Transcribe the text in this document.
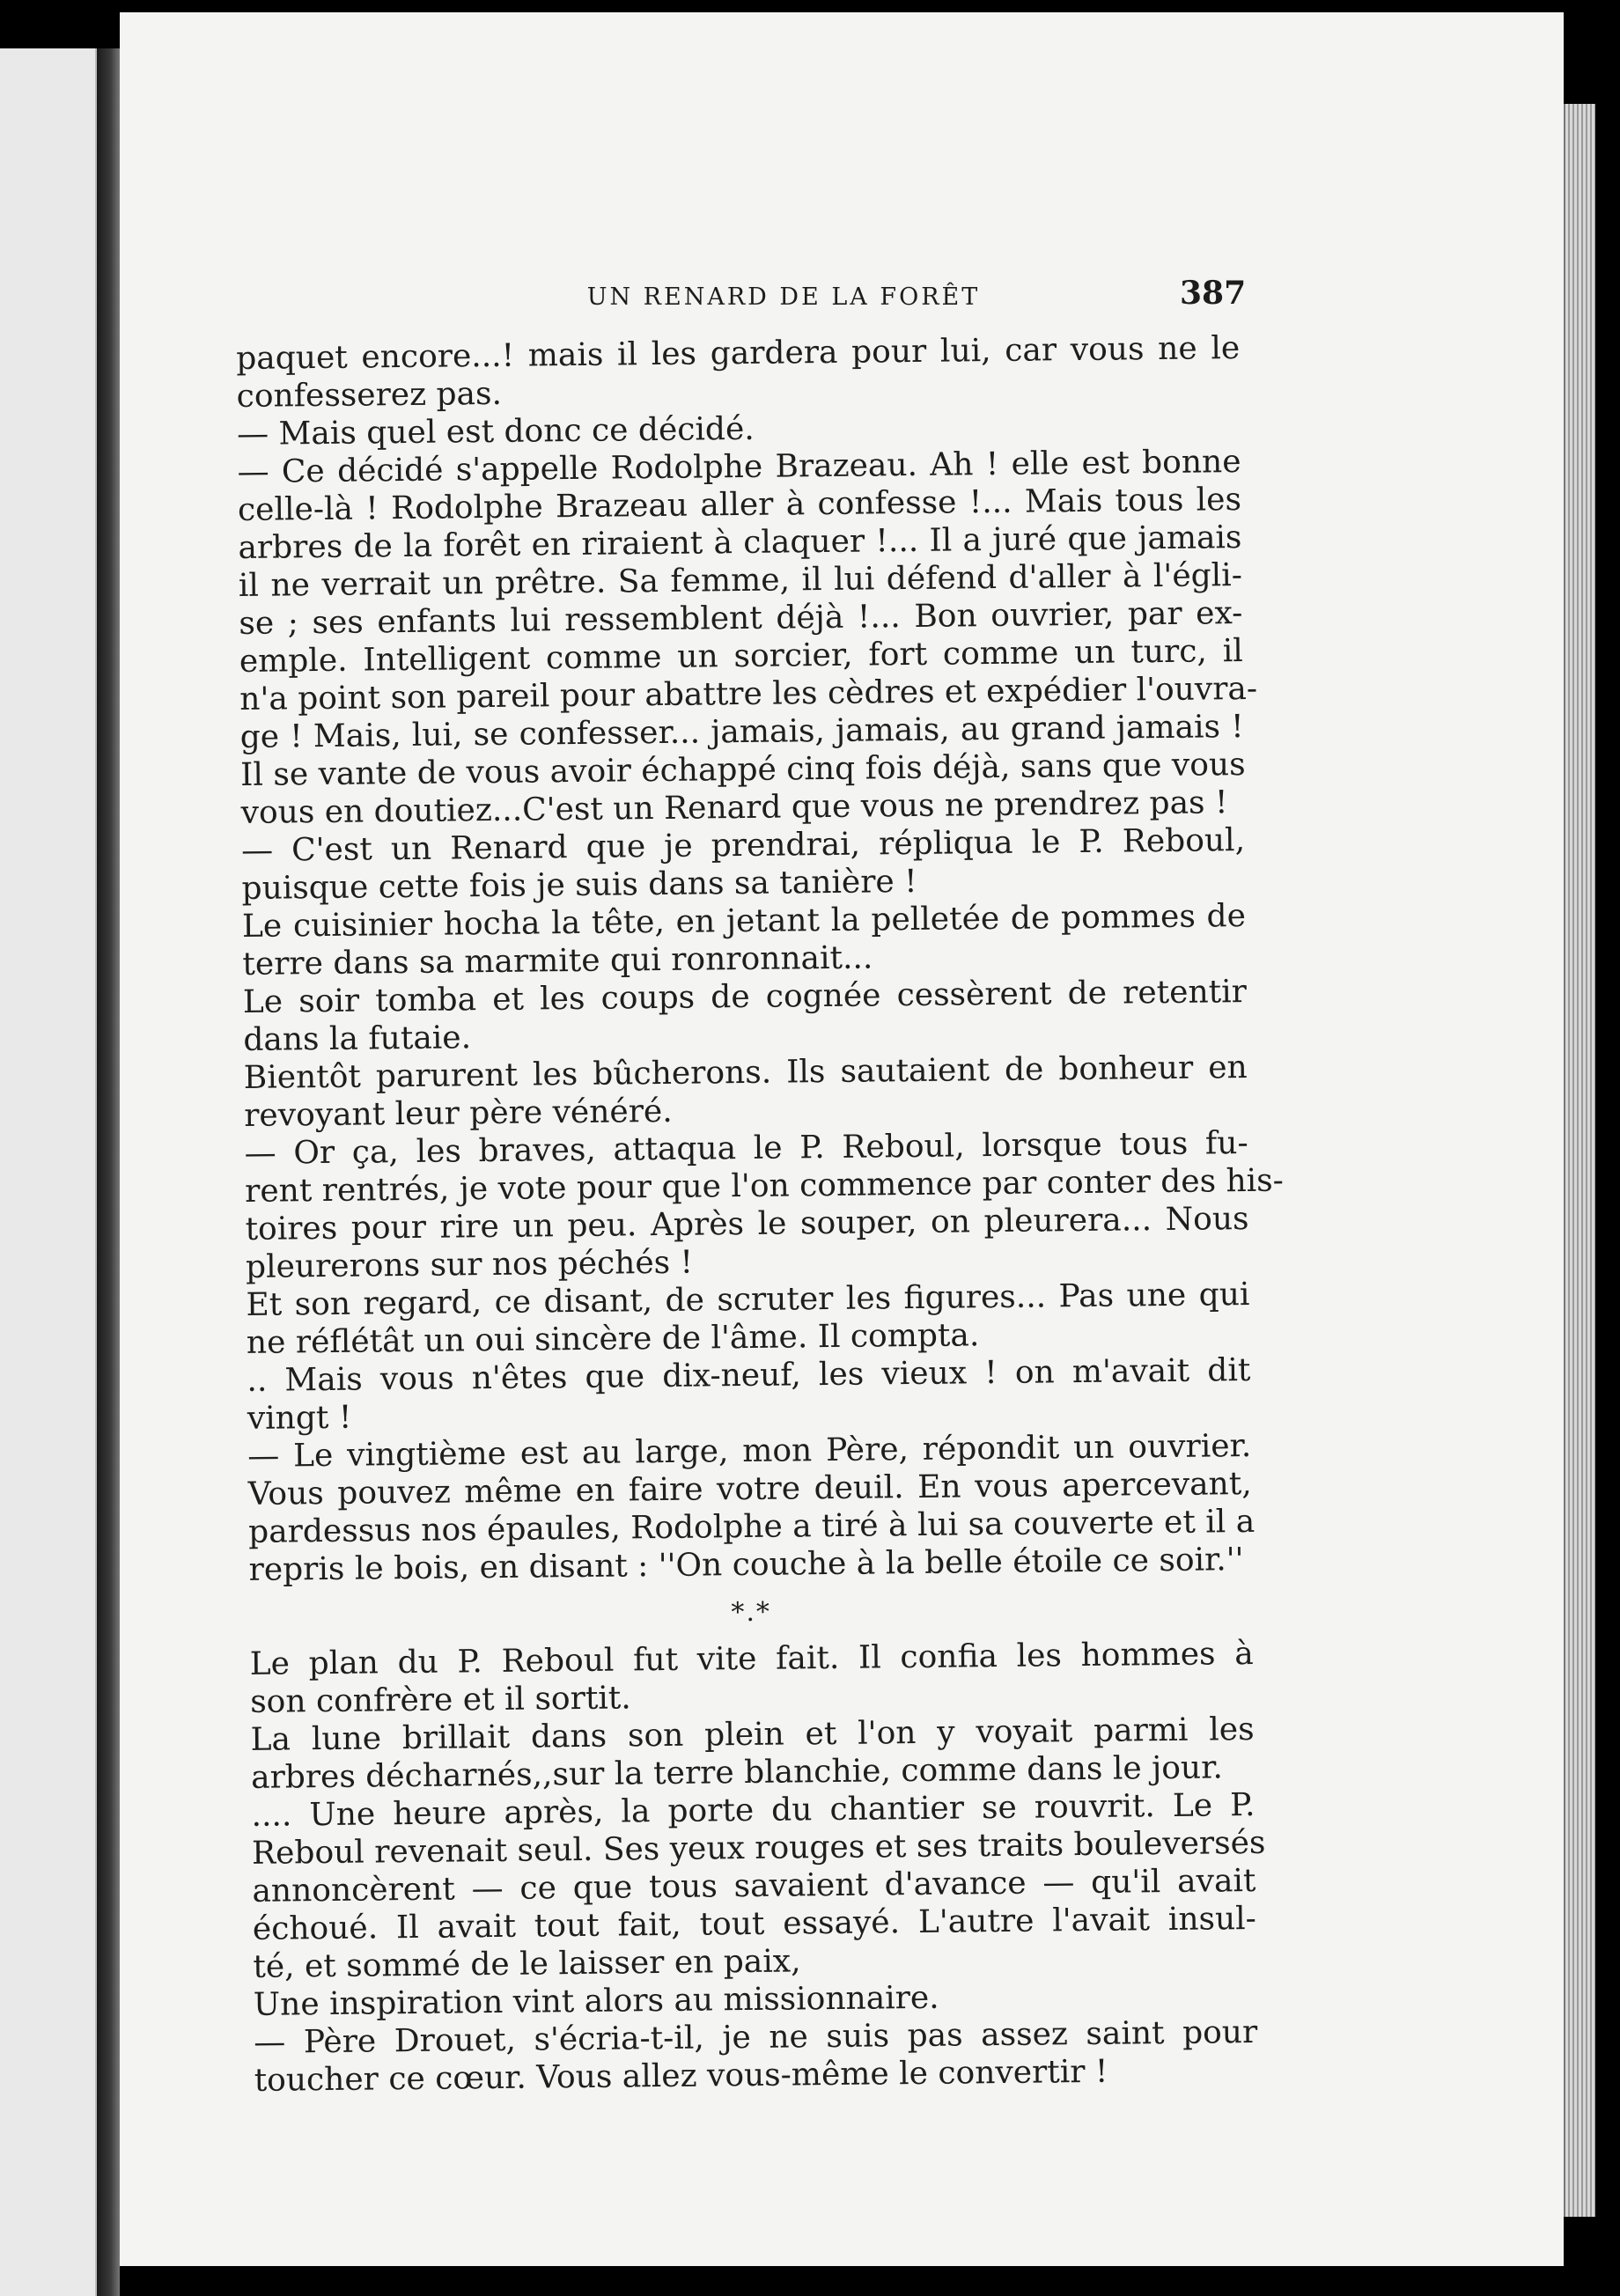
UN RENARD DE LA FORÊT	387
paquet encore...! mais il les gardera pour lui, car vous ne le
confesserez pas.
— Mais quel est donc ce décidé.
— Ce décidé s'appelle Rodolphe Brazeau. Ah ! elle est bonne
celle-là ! Rodolphe Brazeau aller à confesse !... Mais tous les
arbres de la forêt en riraient à claquer !... Il a juré que jamais
il ne verrait un prêtre. Sa femme, il lui défend d'aller à l'égli-
se ; ses enfants lui ressemblent déjà !... Bon ouvrier, par ex-
emple. Intelligent comme un sorcier, fort comme un turc, il
n'a point son pareil pour abattre les cèdres et expédier l'ouvra-
ge ! Mais, lui, se confesser... jamais, jamais, au grand jamais !
Il se vante de vous avoir échappé cinq fois déjà, sans que vous
vous en doutiez...C'est un Renard que vous ne prendrez pas !
— C'est un Renard que je prendrai, répliqua le P. Reboul,
puisque cette fois je suis dans sa tanière !
Le cuisinier hocha la tête, en jetant la pelletée de pommes de
terre dans sa marmite qui ronronnait...
Le soir tomba et les coups de cognée cessèrent de retentir
dans la futaie.
Bientôt parurent les bûcherons. Ils sautaient de bonheur en
revoyant leur père vénéré.
— Or ça, les braves, attaqua le P. Reboul, lorsque tous fu-
rent rentrés, je vote pour que l'on commence par conter des his-
toires pour rire un peu. Après le souper, on pleurera... Nous
pleurerons sur nos péchés !
Et son regard, ce disant, de scruter les figures... Pas une qui
ne réflétât un oui sincère de l'âme. Il compta.
.. Mais vous n'êtes que dix-neuf, les vieux ! on m'avait dit
vingt !
— Le vingtième est au large, mon Père, répondit un ouvrier.
Vous pouvez même en faire votre deuil. En vous apercevant,
pardessus nos épaules, Rodolphe a tiré à lui sa couverte et il a
repris le bois, en disant : ''On couche à la belle étoile ce soir.''
*.*
Le plan du P. Reboul fut vite fait. Il confia les hommes à
son confrère et il sortit.
La lune brillait dans son plein et l'on y voyait parmi les
arbres décharnés,,sur la terre blanchie, comme dans le jour.
.... Une heure après, la porte du chantier se rouvrit. Le P.
Reboul revenait seul. Ses yeux rouges et ses traits bouleversés
annoncèrent — ce que tous savaient d'avance — qu'il avait
échoué. Il avait tout fait, tout essayé. L'autre l'avait insul-
té, et sommé de le laisser en paix,
Une inspiration vint alors au missionnaire.
— Père Drouet, s'écria-t-il, je ne suis pas assez saint pour
toucher ce cœur. Vous allez vous-même le convertir !
